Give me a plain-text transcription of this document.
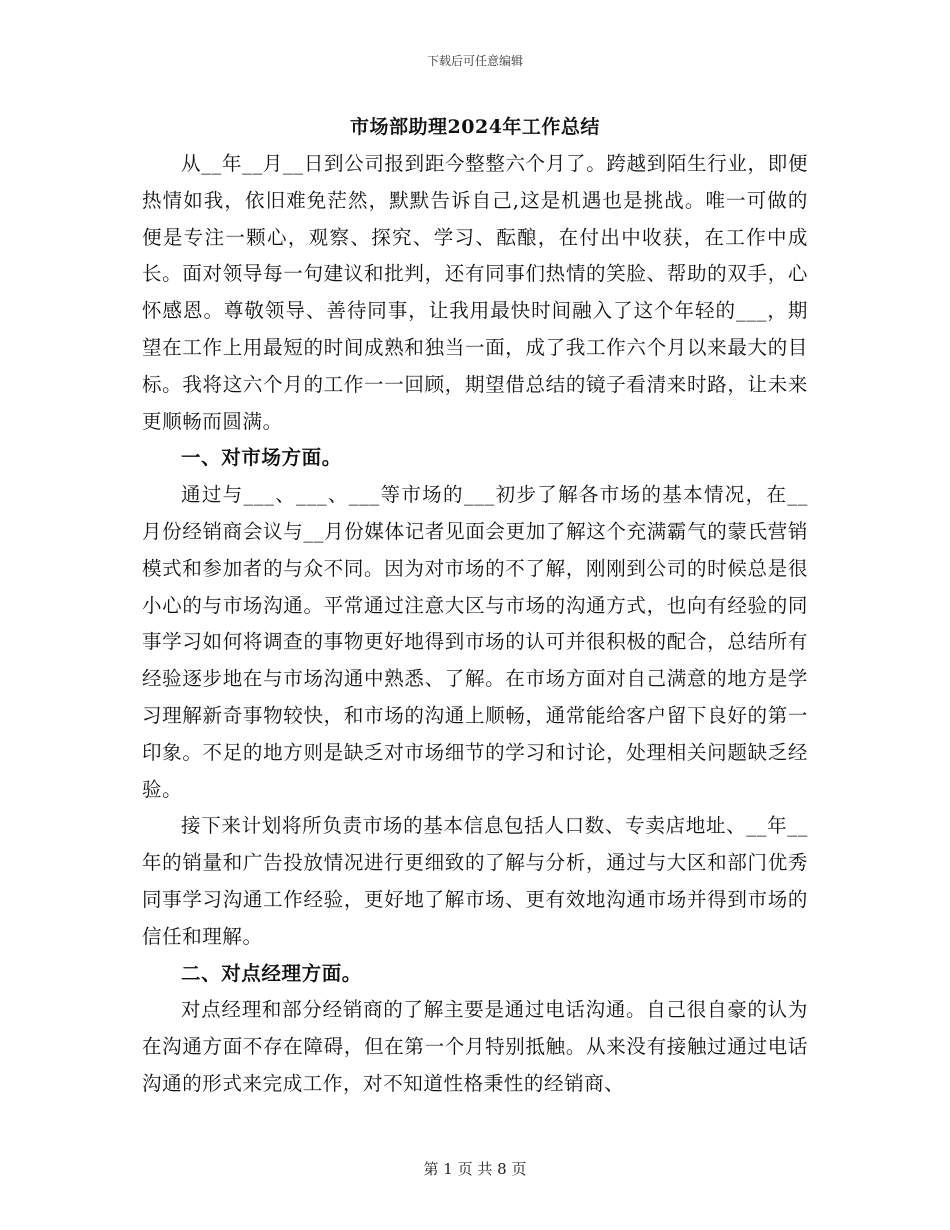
下载后可任意编辑
市场部助理2024年工作总结

从__年__月__日到公司报到距今整整六个月了。跨越到陌生行业，即便热情如我，依旧难免茫然，默默告诉自己,这是机遇也是挑战。唯一可做的便是专注一颗心，观察、探究、学习、酝酿，在付出中收获，在工作中成长。面对领导每一句建议和批判，还有同事们热情的笑脸、帮助的双手，心怀感恩。尊敬领导、善待同事，让我用最快时间融入了这个年轻的___，期望在工作上用最短的时间成熟和独当一面，成了我工作六个月以来最大的目标。我将这六个月的工作一一回顾，期望借总结的镜子看清来时路，让未来更顺畅而圆满。

一、对市场方面。

通过与___、___、___等市场的___初步了解各市场的基本情况，在__月份经销商会议与__月份媒体记者见面会更加了解这个充满霸气的蒙氏营销模式和参加者的与众不同。因为对市场的不了解，刚刚到公司的时候总是很小心的与市场沟通。平常通过注意大区与市场的沟通方式，也向有经验的同事学习如何将调查的事物更好地得到市场的认可并很积极的配合，总结所有经验逐步地在与市场沟通中熟悉、了解。在市场方面对自己满意的地方是学习理解新奇事物较快，和市场的沟通上顺畅，通常能给客户留下良好的第一印象。不足的地方则是缺乏对市场细节的学习和讨论，处理相关问题缺乏经验。

接下来计划将所负责市场的基本信息包括人口数、专卖店地址、__年__年的销量和广告投放情况进行更细致的了解与分析，通过与大区和部门优秀同事学习沟通工作经验，更好地了解市场、更有效地沟通市场并得到市场的信任和理解。

二、对点经理方面。

对点经理和部分经销商的了解主要是通过电话沟通。自己很自豪的认为在沟通方面不存在障碍，但在第一个月特别抵触。从来没有接触过通过电话沟通的形式来完成工作，对不知道性格秉性的经销商、

第 1 页 共 8 页
